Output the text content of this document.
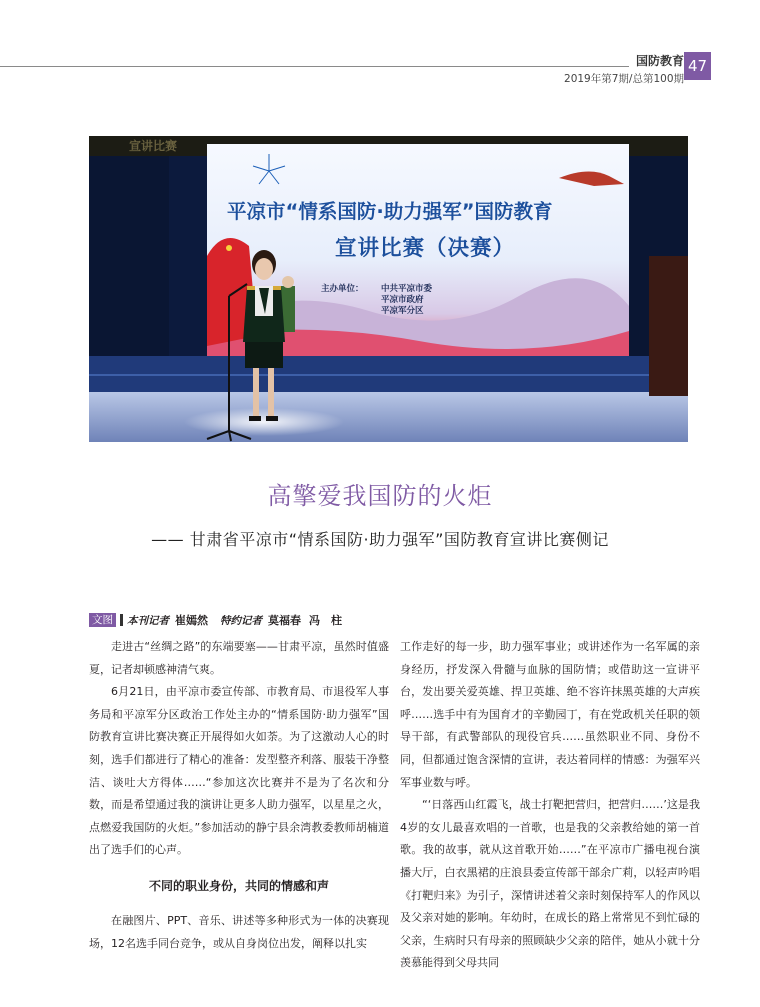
国防教育
2019年第7期/总第100期
47
宣讲比赛
平凉市“情系国防·助力强军”国防教育
宣讲比赛（决赛）
主办单位： 中共平凉市委
平凉市政府
平凉军分区
高擎爱我国防的火炬
—— 甘肃省平凉市“情系国防·助力强军”国防教育宣讲比赛侧记
文图 本刊记者 崔嫣然 特约记者 莫福春 冯　柱

走进古“丝绸之路”的东端要塞——甘肃平凉，虽然时值盛夏，记者却顿感神清气爽。

6月21日，由平凉市委宣传部、市教育局、市退役军人事务局和平凉军分区政治工作处主办的“情系国防·助力强军”国防教育宣讲比赛决赛正开展得如火如荼。为了这激动人心的时刻，选手们都进行了精心的准备：发型整齐利落、服装干净整洁、谈吐大方得体……“参加这次比赛并不是为了名次和分数，而是希望通过我的演讲让更多人助力强军，以星星之火，点燃爱我国防的火炬。”参加活动的静宁县余湾教委教师胡楠道出了选手们的心声。

不同的职业身份，共同的情感和声

在融图片、PPT、音乐、讲述等多种形式为一体的决赛现场，12名选手同台竞争，或从自身岗位出发，阐释以扎实

工作走好的每一步，助力强军事业；或讲述作为一名军属的亲身经历，抒发深入骨髓与血脉的国防情；或借助这一宣讲平台，发出要关爱英雄、捍卫英雄、绝不容许抹黑英雄的大声疾呼……选手中有为国育才的辛勤园丁，有在党政机关任职的领导干部，有武警部队的现役官兵……虽然职业不同、身份不同，但都通过饱含深情的宣讲，表达着同样的情感：为强军兴军事业数与呼。

“‘日落西山红霞飞，战士打靶把营归，把营归……’这是我4岁的女儿最喜欢唱的一首歌，也是我的父亲教给她的第一首歌。我的故事，就从这首歌开始……”在平凉市广播电视台演播大厅，白衣黑裙的庄浪县委宣传部干部余广莉，以轻声吟唱《打靶归来》为引子，深情讲述着父亲时刻保持军人的作风以及父亲对她的影响。年幼时，在成长的路上常常见不到忙碌的父亲，生病时只有母亲的照顾缺少父亲的陪伴，她从小就十分羡慕能得到父母共同
